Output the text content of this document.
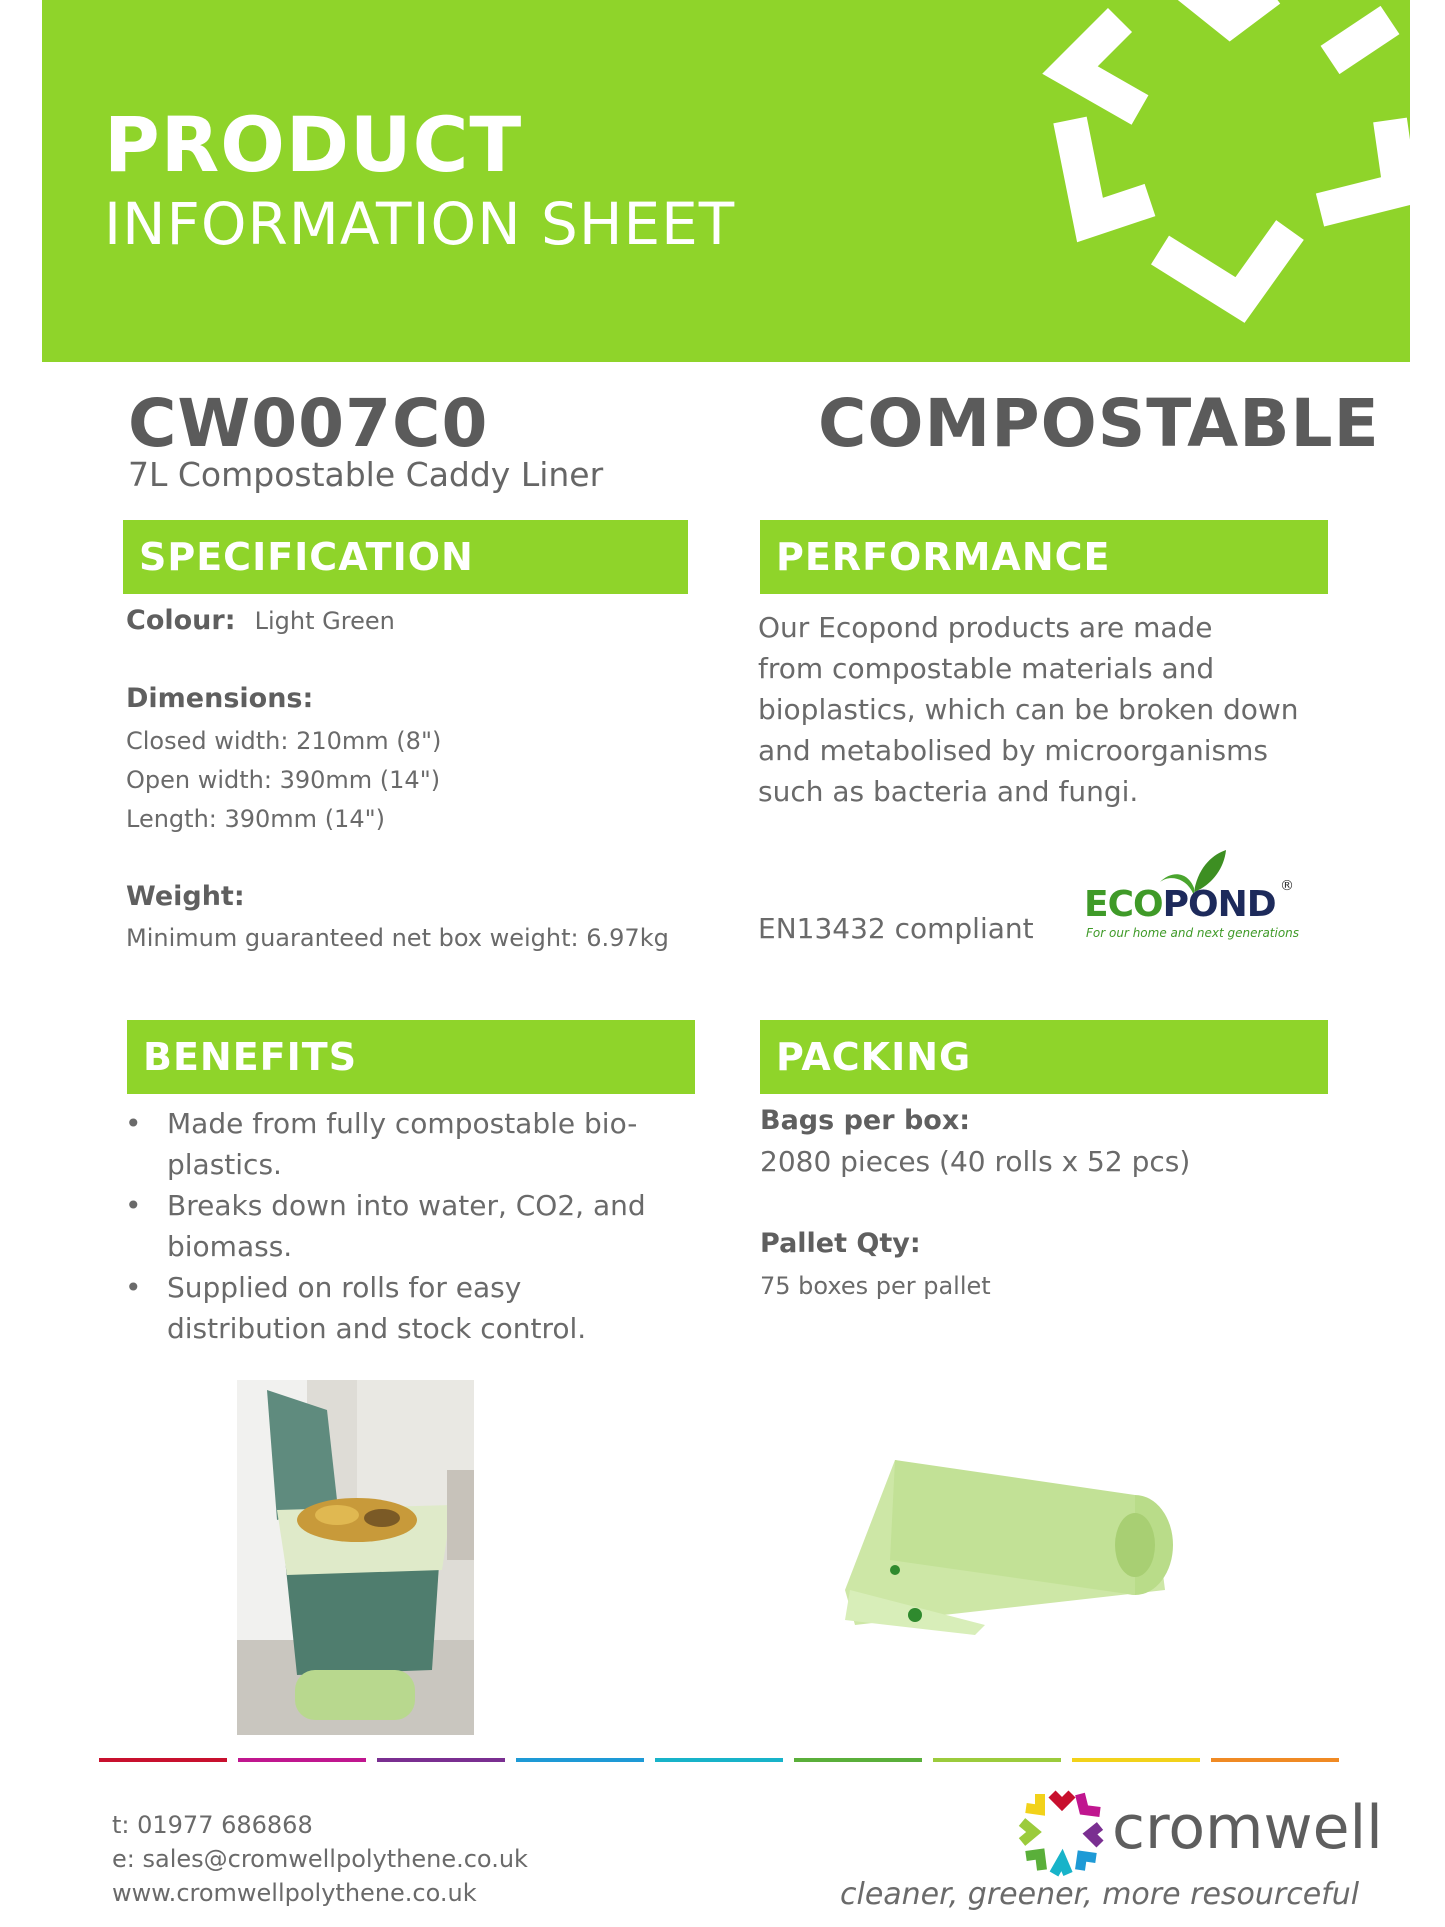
PRODUCT
INFORMATION SHEET
CW007C0
7L Compostable Caddy Liner
COMPOSTABLE
SPECIFICATION
Colour: Light Green
Dimensions:
Closed width: 210mm (8")
Open width: 390mm (14")
Length: 390mm (14")
Weight:
Minimum guaranteed net box weight: 6.97kg
PERFORMANCE
Our Ecopond products are made
from compostable materials and
bioplastics, which can be broken down
and metabolised by microorganisms
such as bacteria and fungi.
EN13432 compliant
ECOPOND ®
For our home and next generations
BENEFITS
• Made from fully compostable bio-
plastics.
• Breaks down into water, CO2, and
biomass.
• Supplied on rolls for easy
distribution and stock control.
PACKING
Bags per box:
2080 pieces (40 rolls x 52 pcs)
Pallet Qty:
75 boxes per pallet
t: 01977 686868
e: sales@cromwellpolythene.co.uk
www.cromwellpolythene.co.uk
cromwell
cleaner, greener, more resourceful
